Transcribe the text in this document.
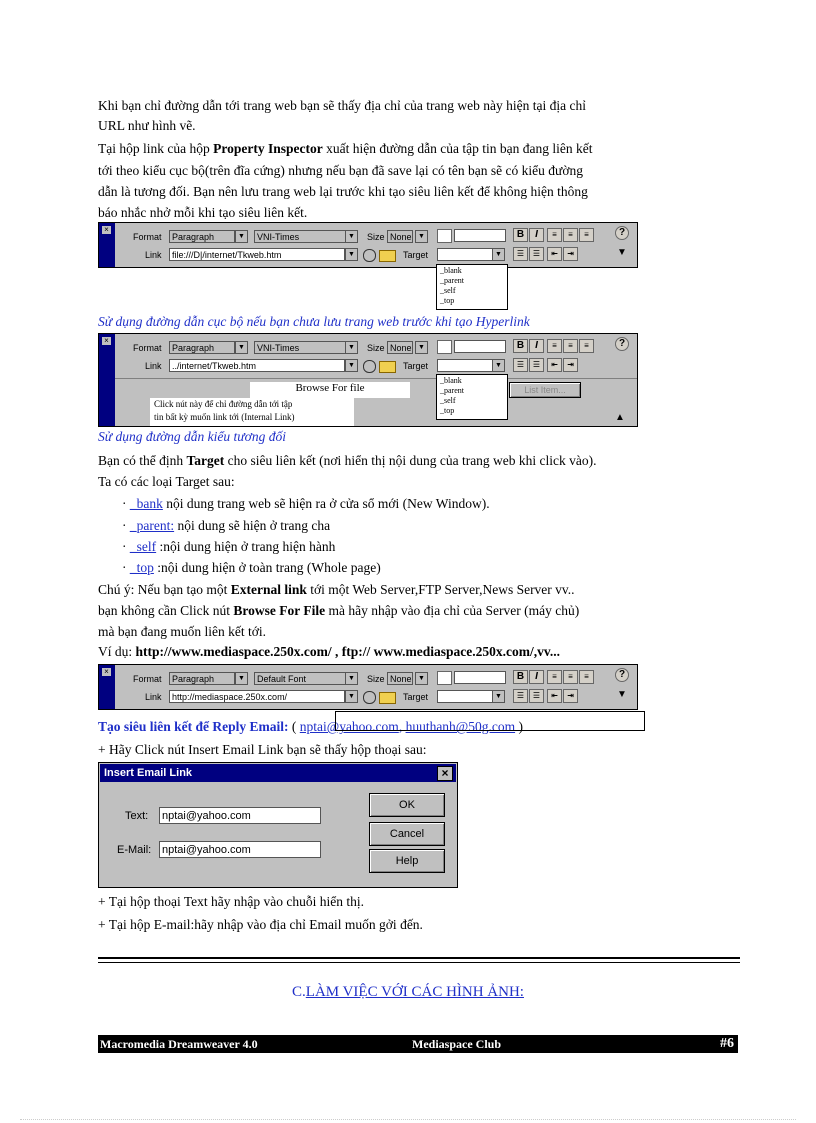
Khi bạn chỉ đường dẫn tới trang web bạn sẽ thấy địa chỉ của trang web này hiện tại địa chỉ
URL như hình vẽ.
Tại hộp link của hộp Property Inspector xuất hiện đường dẫn của tập tin bạn đang liên kết
tới theo kiểu cục bộ(trên đĩa cứng) nhưng nếu bạn đã save lại có tên bạn sẽ có kiểu đường
dẫn là tương đối. Bạn nên lưu trang web lại trước khi tạo siêu liên kết để không hiện thông
báo nhắc nhở mỗi khi tạo siêu liên kết.
×
Format	Paragraph	▼	VNI-Times	▼	Size None ▼	B	I	≡	≡	≡	?
Link	file:///D|/internet/Tkweb.htm	▼	Target	▼	☰	☰	⇤	⇥	▼
_blank
_parent
_self
_top
Sử dụng đường dẫn cục bộ nếu bạn chưa lưu trang web trước khi tạo Hyperlink
×
Format	Paragraph	▼	VNI-Times	▼	Size None ▼	B	I	≡	≡	≡	?
Link	../internet/Tkweb.htm	▼	Target	▼	☰	☰	⇤	⇥
List Item...
▲
Browse For file
Click nút này để chỉ đường dẫn tới tập
tin bất kỳ muốn link tới (Internal Link)
_blank
_parent
_self
_top
Sử dụng đường dẫn kiểu tương đối
Bạn có thể định Target cho siêu liên kết (nơi hiển thị nội dung của trang web khi click vào).
Ta có các loại Target sau:
· _bank nội dung trang web sẽ hiện ra ở cửa sổ mới (New Window).
· _parent: nội dung sẽ hiện ở trang cha
· _self :nội dung hiện ở trang hiện hành
· _top :nội dung hiện ở toàn trang (Whole page)
Chú ý: Nếu bạn tạo một External link tới một Web Server,FTP Server,News Server vv..
bạn không cần Click nút Browse For File mà hãy nhập vào địa chỉ của Server (máy chủ)
mà bạn đang muốn liên kết tới.
Ví dụ: http://www.mediaspace.250x.com/ , ftp:// www.mediaspace.250x.com/,vv...
×
Format	Paragraph	▼	Default Font	▼	Size None ▼	B	I	≡	≡	≡	?
Link	http://mediaspace.250x.com/	▼	Target	▼	☰	☰	⇤	⇥	▼
Tạo siêu liên kết để Reply Email: ( nptai@yahoo.com, huuthanh@50g.com )
+ Hãy Click nút Insert Email Link bạn sẽ thấy hộp thoại sau:
Insert Email Link	×
Text: nptai@yahoo.com
E-Mail: nptai@yahoo.com
OK
Cancel
Help
+ Tại hộp thoại Text hãy nhập vào chuỗi hiển thị.
+ Tại hộp E-mail:hãy nhập vào địa chỉ Email muốn gởi đến.
C.LÀM VIỆC VỚI CÁC HÌNH ẢNH:
Macromedia Dreamweaver 4.0	Mediaspace Club	#6
